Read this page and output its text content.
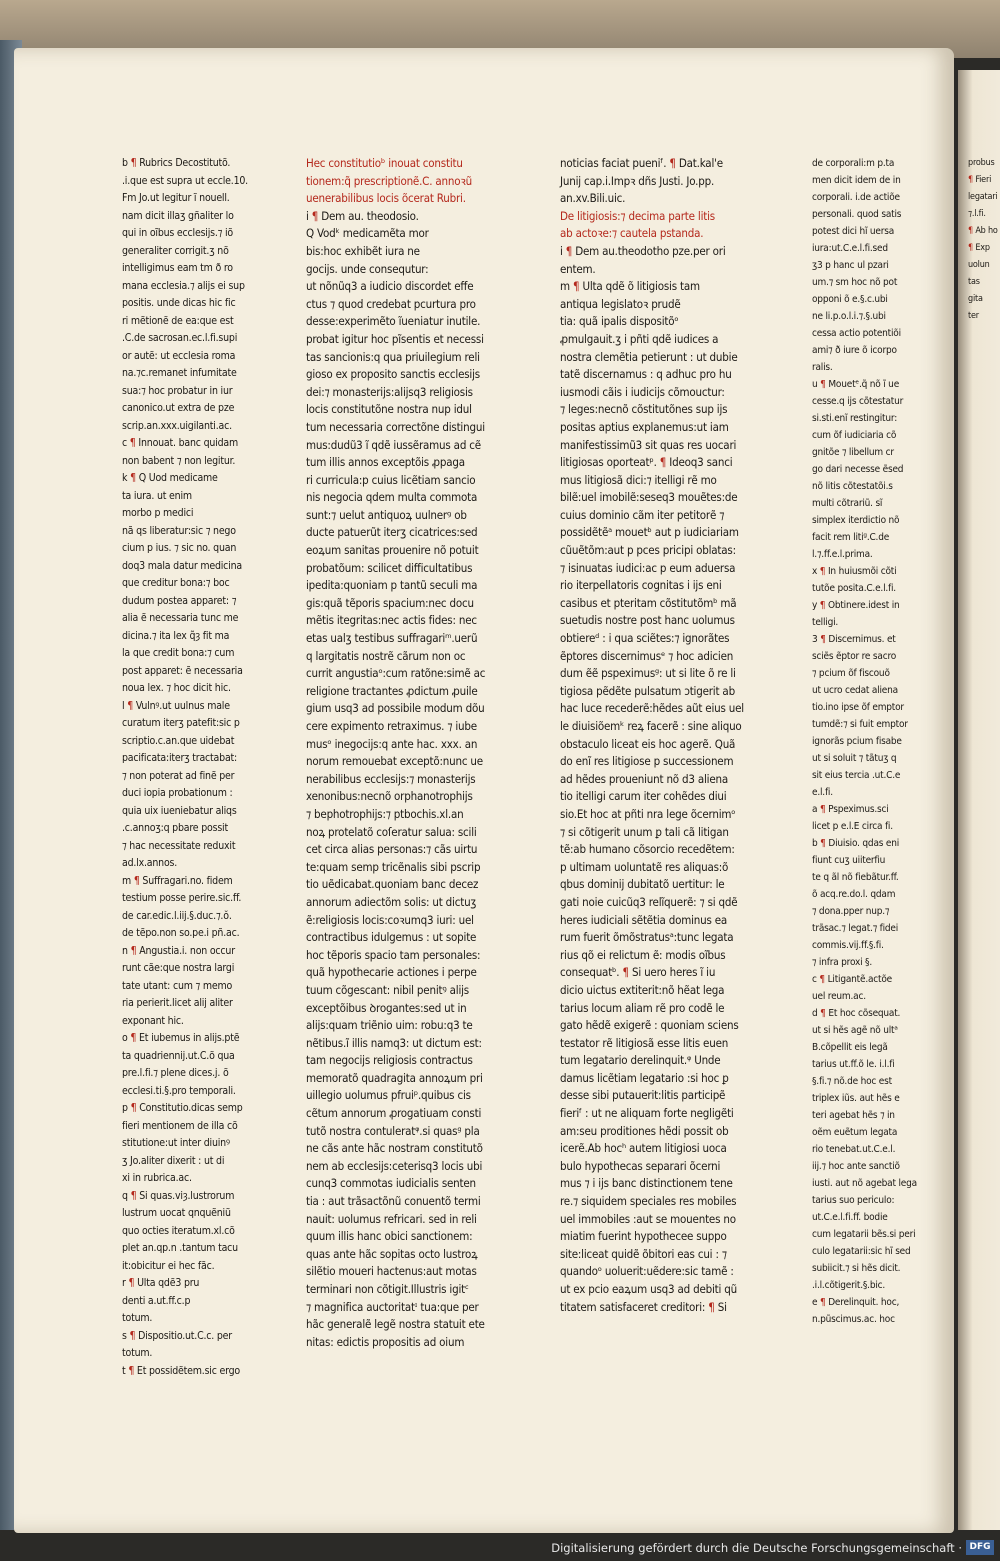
b ¶ Rubrics Decostitutõ.

.i.que est supra ut eccle.10.

Fm Jo.ut legitur ĩ nouell.

nam dicit illaʒ gñaliter lo

qui in oĩbus ecclesijs.⁊ iõ

generaliter corrigit.ʒ nõ

intelligimus eam tm ð ro

mana ecclesia.⁊ alijs ei sup

positis. unde dicas hic fic

ri mẽtionẽ de ea:que est

.C.de sacrosan.ec.l.fi.supi

or autẽ: ut ecclesia roma

na.⁊c.remanet infumitate

sua:⁊ hoc probatur in iur

canonico.ut extra de pze

scrip.an.xxx.uigilanti.ac.

c ¶ Innouat. banc quidam

non babent ⁊ non legitur.

k ¶ Q Uod medicame

ta iura. ut enim

morbo p medici

nã qs liberatur:sic ⁊ nego

cium p ius. ⁊ sic no. quan

doq3 mala datur medicina

que creditur bona:⁊ boc

dudum postea apparet: ⁊

alia ẽ necessaria tunc me

dicina.⁊ ita lex q̃ȝ fit ma

la que credit bona:⁊ cum

post apparet: ẽ necessaria

noua lex. ⁊ hoc dicit hic.

l ¶ Vulnꝰ.ut uulnus male

curatum iterʒ patefit:sic p

scriptio.c.an.que uidebat

pacificata:iterʒ tractabat:

⁊ non poterat ad finẽ per

duci iopia probationum :

quia uix iueniebatur aliqs

.c.annoʒ:q pbare possit

⁊ hac necessitate reduxit

ad.lx.annos.

m ¶ Suffragari.no. fidem

testium posse perire.sic.ff.

de car.edic.l.iij.§.duc.⁊.ŏ.

de tẽpo.non so.pe.i pñ.ac.

n ¶ Angustia.i. non occur

runt cãe:que nostra largi

tate utant: cum ⁊ memo

ria perierit.licet alij aliter

exponant hic.

o ¶ Et iubemus in alijs.ptẽ

ta quadriennij.ut.C.õ qua

pre.l.fi.⁊ plene dices.j. õ

ecclesi.ti.§.pro temporali.

p ¶ Constitutio.dicas semp

fieri mentionem de illa cõ

stitutione:ut inter diuinꝰ

ʒ Jo.aliter dixerit : ut di

xi in rubrica.ac.

q ¶ Si quas.viȝ.lustrorum

lustrum uocat qnquẽniũ

quo octies iteratum.xl.cõ

plet an.qp.n .tantum tacu

it:obicitur ei hec fãc.

r ¶ Ulta qdẽ3 pru

denti a.ut.ff.c.p

totum.

s ¶ Dispositio.ut.C.c. per

totum.

t ¶ Et possidẽtem.sic ergo

Hec constitutioᵇ inouat constitu

tionem:q̃ prescriptionẽ.C. annoꝛũ

uenerabilibus locis õcerat Rubri.

i ¶ Dem au. theodosio.

Q Vodᵏ medicamẽta mor

bis:hoc exhibẽt iura ne

gocijs. unde consequtur:

ut nõnũq3 a iudicio discordet effe

ctus ⁊ quod credebat pcurtura pro

desse:experimẽto ĩueniatur inutile.

probat igitur hoc pĩsentis et necessi

tas sancionis:q qua priuilegium reli

gioso ex proposito sanctis ecclesijs

dei:⁊ monasterijs:alijsq3 religiosis

locis constitutõne nostra nup idul

tum necessaria correctõne distingui

mus:dudũ3 ĩ qdẽ iussẽramus ad cẽ

tum illis annos exceptõis ꝓpaga

ri curricula:p cuius licẽtiam sancio

nis negocia qdem multa commota

sunt:⁊ uelut antiquoꝝ uulnerꝰ ob

ducte patuerũt iterʒ cicatrices:sed

eoꝝum sanitas prouenire nõ potuit

probatõum: scilicet difficultatibus

ipedita:quoniam p tantũ seculi ma

gis:quã tẽporis spacium:nec docu

mẽtis itegritas:nec actis fides: nec

etas ualʒ testibus suffragariᵐ.uerũ

q largitatis nostrẽ cãrum non oc

currit angustiaᵒ:cum ratõne:simẽ ac

religione tractantes ꝓdictum ꝓuile

gium usq3 ad possibile modum dõu

cere expimento retraximus. ⁊ iube

musᵒ inegocijs:q ante hac. xxx. an

norum remouebat exceptõ:nunc ue

nerabilibus ecclesijs:⁊ monasterijs

xenonibus:necnõ orphanotrophijs

⁊ bephotrophijs:⁊ ptbochis.xl.an

noꝝ protelatõ coſeratur salua: scili

cet circa alias personas:⁊ cãs uirtu

te:quam semp tricẽnalis sibi pscrip

tio uẽdicabat.quoniam banc decez

annorum adiectõm solis: ut dictuʒ

ẽ:religiosis locis:coꝛumq3 iuri: uel

contractibus idulgemus : ut sopite

hoc tẽporis spacio tam personales:

quã hypothecarie actiones i perpe

tuum cõgescant: nibil penitꝰ alijs

exceptõibus ꝺrogantes:sed ut in

alijs:quam triẽnio uim: robu:q3 te

nẽtibus.ĩ illis namq3: ut dictum est:

tam negocijs religiosis contractus

memoratõ quadragita annoꝝum pri

uillegio uolumus pfruiᵖ.quibus cis

cẽtum annorum ꝓrogatiuam consti

tutõ nostra contuleratᵠ.si quasᵍ pla

ne cãs ante hãc nostram constitutõ

nem ab ecclesijs:ceterisq3 locis ubi

cunq3 commotas iudicialis senten

tia : aut trãsactõnũ conuentõ termi

nauit: uolumus refricari. sed in reli

quum illis hanc obici sanctionem:

quas ante hãc sopitas octo lustroꝝ

silẽtio moueri hactenus:aut motas

terminari non cõtigit.Illustris igitᶜ

⁊ magnifica auctoritatᶦ tua:que per

hãc generalẽ legẽ nostra statuit ete

nitas: edictis propositis ad oium

noticias faciat pueniᶠ. ¶ Dat.kal'e

Junij cap.i.Impꝛ dñs Justi. Jo.pp.

an.xv.Bili.uic.

De litigiosis:⁊ decima parte litis

ab actoꝛe:⁊ cautela pstanda.

i ¶ Dem au.theodotho pze.per ori

entem.

m ¶ Ulta qdẽ õ litigiosis tam

antiqua legislatoꝛ prudẽ

tia: quã ipalis dispositõᵒ

ꝓmulgauit.ʒ i pñti qdẽ iudices a

nostra clemẽtia petierunt : ut dubie

tatẽ discernamus : q adhuc pro hu

iusmodi cãis i iudicijs cõmouctur:

⁊ leges:necnõ cõstitutõnes sup ijs

positas aptius explanemus:ut iam

manifestissimũ3 sit quas res uocari

litigiosas oporteatᵖ. ¶ Ideoq3 sanci

mus litigiosã dici:⁊ itelligi rẽ mo

bilẽ:uel imobilẽ:seseq3 mouẽtes:de

cuius dominio cãm iter petitorẽ ⁊

possidẽtẽᵃ mouetᵇ aut p iudiciariam

cũuẽtõm:aut p pces pricipi oblatas:

⁊ isinuatas iudici:ac p eum aduersa

rio iterpellatoris cognitas i ijs eni

casibus et pteritam cõstitutõmᵇ mã

suetudis nostre post hanc uolumus

obtiereᵈ : i qua sciẽtes:⁊ ignorãtes

ẽptores discernimusᵉ ⁊ hoc adicien

dum ẽẽ pspeximusᵍ: ut si lite õ re li

tigiosa pẽdẽte pulsatum ɔtigerit ab

hac luce recederẽ:hẽdes aũt eius uel

le diuisiõemᵏ reꝝ facerẽ : sine aliquo

obstaculo liceat eis hoc agerẽ. Quã

do enĩ res litigiose p successionem

ad hẽdes proueniunt nõ d3 aliena

tio itelligi carum iter cohẽdes diui

sio.Et hoc at pñti nra lege õcernimᵒ

⁊ si cõtigerit unum ꝑ tali cã litigan

tẽ:ab humano cõsorcio recedẽtem:

p ultimam uoluntatẽ res aliquas:õ

qbus dominij dubitatõ uertitur: le

gati noie cuicũq3 relĩquerẽ: ⁊ si qdẽ

heres iudiciali sẽtẽtia dominus ea

rum fuerit õmõstratusᵃ:tunc legata

rius qõ ei relictum ẽ: modis oĩbus

consequatᵇ. ¶ Si uero heres ĩ iu

dicio uictus extiterit:nõ hẽat lega

tarius locum aliam rẽ pro codẽ le

gato hẽdẽ exigerẽ : quoniam sciens

testator rẽ litigiosã esse litis euen

tum legatario derelinquit.ᵠ Unde

damus licẽtiam legatario :si hoc ꝑ

desse sibi putauerit:litis participẽ

fieriᶠ : ut ne aliquam forte negligẽti

am:seu proditiones hẽdi possit ob

icerẽ.Ab hocʰ autem litigiosi uoca

bulo hypothecas separari õcerni

mus ⁊ i ijs banc distinctionem tene

re.⁊ siquidem speciales res mobiles

uel immobiles :aut se mouentes no

miatim fuerint hypothecee suppo

site:liceat quidẽ õbitori eas cui : ⁊

quandoᵒ uoluerit:uẽdere:sic tamẽ :

ut ex pcio eaꝝum usq3 ad debiti qũ

titatem satisfaceret creditori: ¶ Si

de corporali:m p.ta

men dicit idem de in

corporali. i.de actiõe

personali. quod satis

potest dici hĩ uersa

iura:ut.C.e.l.fi.sed

ʒ3 p hanc ul pzari

um.⁊ sm hoc nõ pot

opponi õ e.§.c.ubi

ne li.p.o.l.i.⁊.§.ubi

cessa actio potentiõi

ami⁊ ð iure õ icorpo

ralis.

u ¶ Mouetᵉ.q̃ nõ ĩ ue

cesse.q ijs cõtestatur

si.sti.enĩ restingitur:

cum õf iudiciaria cõ

gnitõe ⁊ libellum cr

go dari necesse ẽsed

nõ litis cõtestatõi.s

multi cõtrariũ. sĩ

simplex iterdictio nõ

facit rem litiᵍ.C.de

l.⁊.ff.e.l.prima.

x ¶ In huiusmõi cõti

tutõe posita.C.e.l.fi.

y ¶ Obtinere.idest in

telligi.

3 ¶ Discernimus. et

sciẽs ẽptor re sacro

⁊ pcium õf fiscouõ

ut ucro cedat aliena

tio.ino ipse õf emptor

tumdẽ:⁊ si fuit emptor

ignorãs pcium fisabe

ut si soluit ⁊ tãtuʒ q

sit eius tercia .ut.C.e

e.l.fi.

a ¶ Pspeximus.sci

licet p e.l.E circa fi.

b ¶ Diuisio. qdas eni

fiunt cuʒ uiiterfiu

te q ãl nõ fiebãtur.ff.

õ acq.re.do.l. qdam

⁊ dona.pper nup.⁊

trãsac.⁊ legat.⁊ fidei

commis.vij.ff.§.fi.

⁊ infra proxi §.

c ¶ Litigantẽ.actõe

uel reum.ac.

d ¶ Et hoc cõsequat.

ut si hẽs agẽ nõ ultᵃ

B.cõpellit eis legã

tarius ut.ff.õ le. i.l.fi

§.fi.⁊ nõ.de hoc est

triplex iũs. aut hẽs e

teri agebat hẽs ⁊ in

oẽm euẽtum legata

rio tenebat.ut.C.e.l.

iij.⁊ hoc ante sanctiõ

iusti. aut nõ agebat lega

tarius suo periculo:

ut.C.e.l.fi.ff. bodie

cum legatarii bẽs.si peri

culo legatarii:sic hĩ sed

subiicit.⁊ si hẽs dicit.

.i.l.cõtigerit.§.bic.

e ¶ Derelinquit. hoc,

n.pũscimus.ac. hoc

probus

¶ Fieri

legatari

⁊.l.fi.

¶ Ab ho

¶ Exp

uolun

tas

gita

ter

Digitalisierung gefördert durch die Deutsche Forschungsgemeinschaft · DFG
